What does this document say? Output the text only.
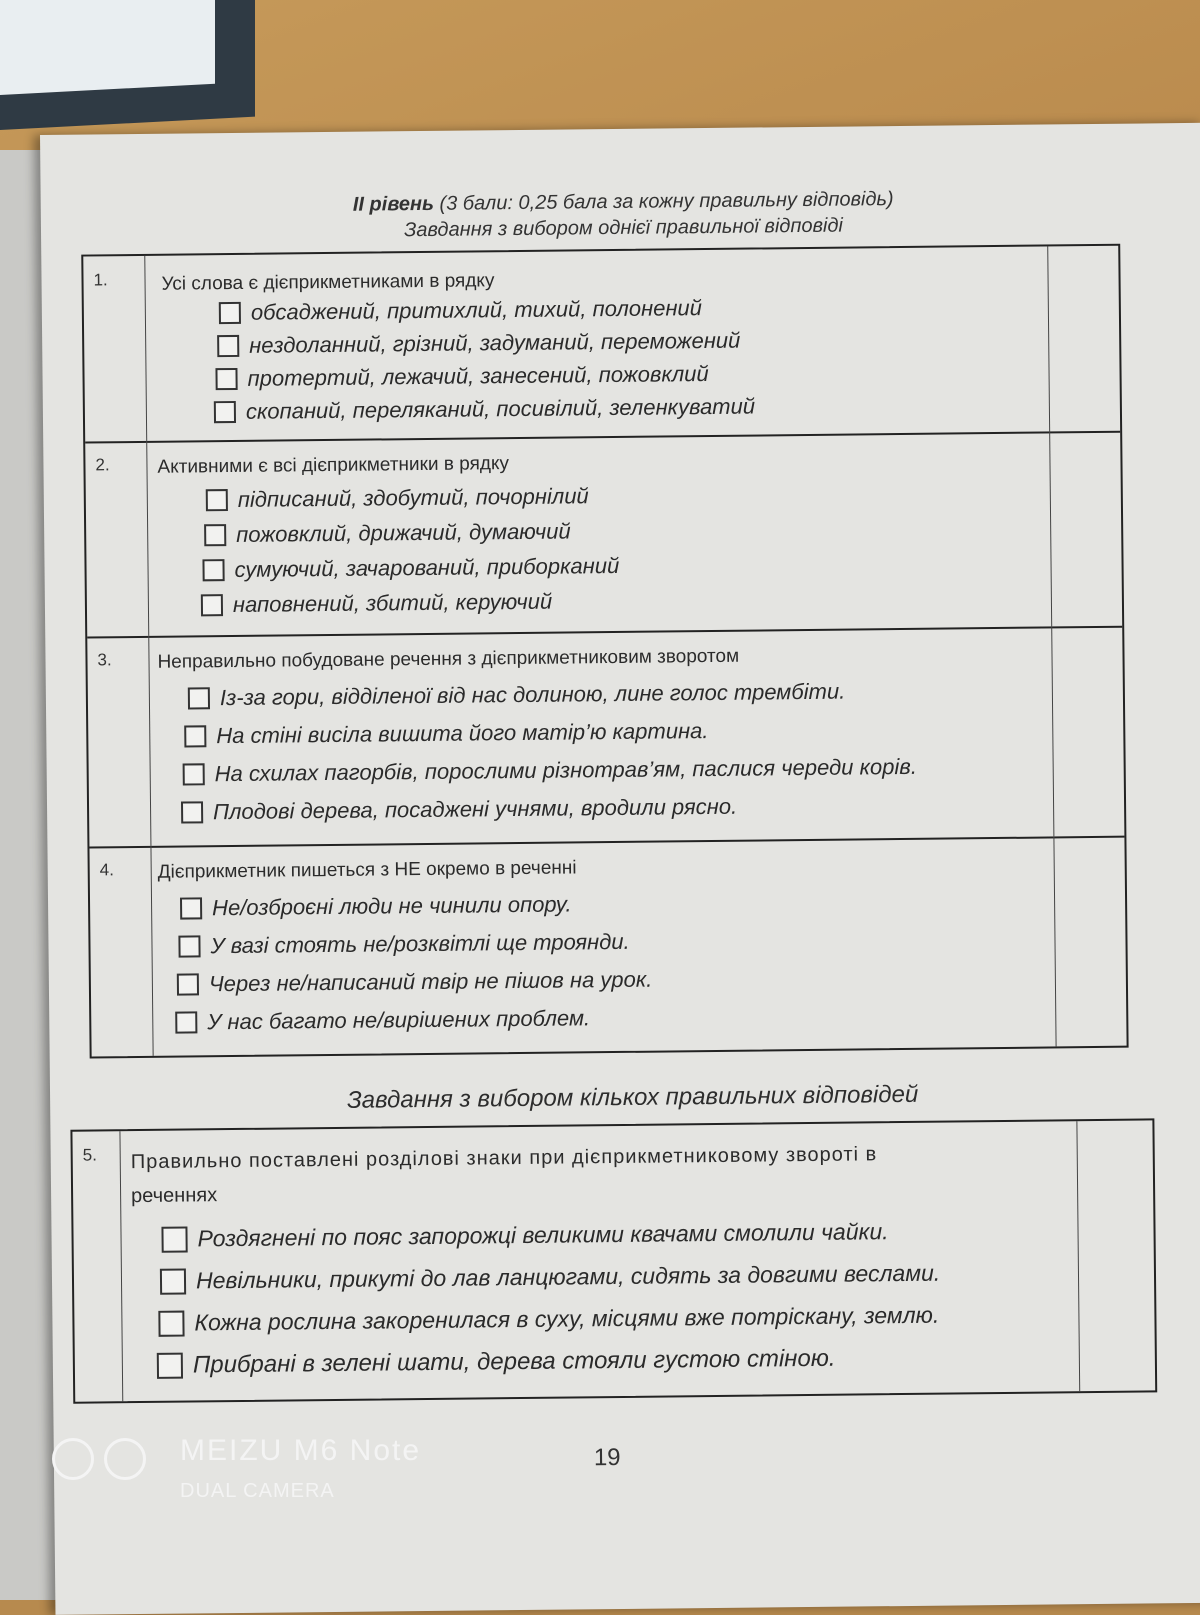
II рівень (3 бали: 0,25 бала за кожну правильну відповідь)
Завдання з вибором однієї правильної відповіді
1.	Усі слова є дієприкметниками в рядку
обсаджений, притихлий, тихий, полонений
нездоланний, грізний, задуманий, переможений
протертий, лежачий, занесений, пожовклий
скопаний, переляканий, посивілий, зеленкуватий
2.	Активними є всі дієприкметники в рядку
підписаний, здобутий, почорнілий
пожовклий, дрижачий, думаючий
сумуючий, зачарований, приборканий
наповнений, збитий, керуючий
3.	Неправильно побудоване речення з дієприкметниковим зворотом
Із-за гори, відділеної від нас долиною, лине голос трембіти.
На стіні висіла вишита його матір’ю картина.
На схилах пагорбів, порослими різнотрав’ям, паслися череди корів.
Плодові дерева, посаджені учнями, вродили рясно.
4.	Дієприкметник пишеться з НЕ окремо в реченні
Не/озброєні люди не чинили опору.
У вазі стоять не/розквітлі ще троянди.
Через не/написаний твір не пішов на урок.
У нас багато не/вирішених проблем.
Завдання з вибором кількох правильних відповідей
5.	Правильно поставлені розділові знаки при дієприкметниковому звороті в
реченнях
Роздягнені по пояс запорожці великими квачами смолили чайки.
Невільники, прикуті до лав ланцюгами, сидять за довгими веслами.
Кожна рослина закоренилася в суху, місцями вже потріскану, землю.
Прибрані в зелені шати, дерева стояли густою стіною.
19
MEIZU M6 Note
DUAL CAMERA
